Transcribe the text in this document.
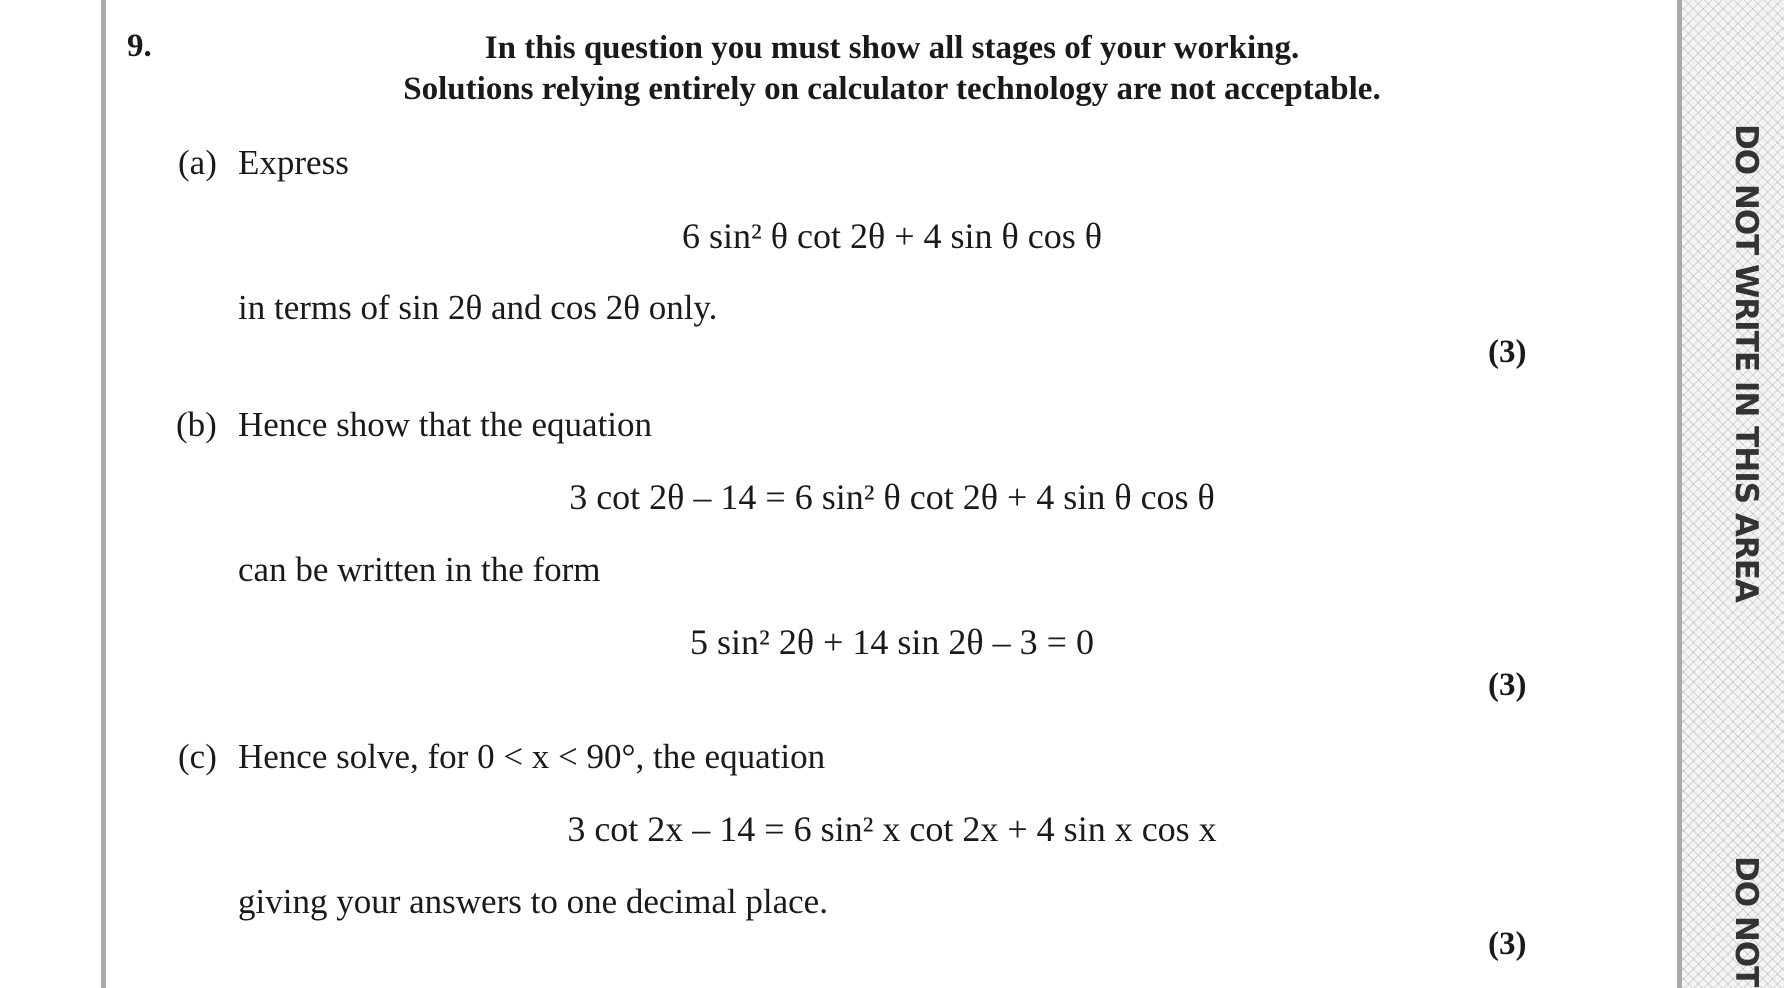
DO NOT WRITE IN THIS AREA
DO NOT
9.	In this question you must show all stages of your working.
Solutions relying entirely on calculator technology are not acceptable.
(a) Express
6 sin² θ cot 2θ + 4 sin θ cos θ
in terms of sin 2θ and cos 2θ only.
(3)
(b) Hence show that the equation
3 cot 2θ – 14 = 6 sin² θ cot 2θ + 4 sin θ cos θ
can be written in the form
5 sin² 2θ + 14 sin 2θ – 3 = 0
(3)
(c) Hence solve, for 0 < x < 90°, the equation
3 cot 2x – 14 = 6 sin² x cot 2x + 4 sin x cos x
giving your answers to one decimal place.
(3)
